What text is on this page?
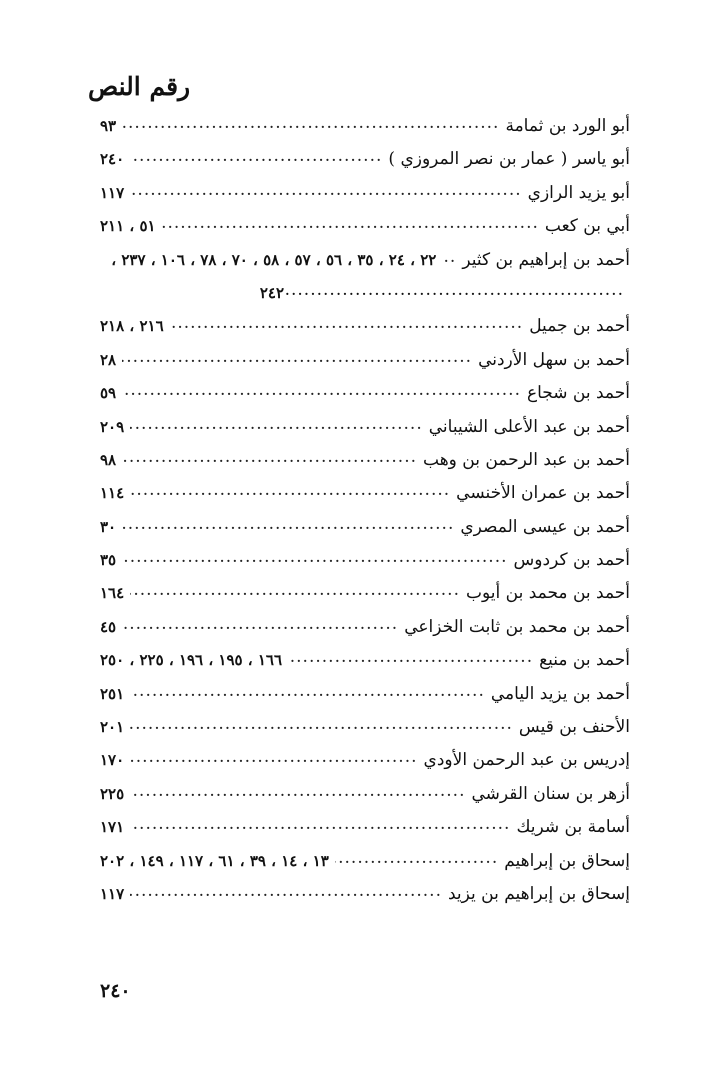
رقم النص
أبو الورد بن ثمامة
.....
٩٣
أبو ياسر ( عمار بن نصر المروزي )
.....
٢٤٠
أبو يزيد الرازي
.....
١١٧
أبي بن كعب
.....
٥١ ، ٢١١
أحمد بن إبراهيم بن كثير
.....
٢٢ ، ٢٤ ، ٣٥ ، ٥٦ ، ٥٧ ، ٥٨ ، ٧٠ ، ٧٨ ، ١٠٦ ، ٢٣٧ ،
.....
٢٤٢
أحمد بن جميل
.....
٢١٦ ، ٢١٨
أحمد بن سهل الأردني
.....
٢٨
أحمد بن شجاع
.....
٥٩
أحمد بن عبد الأعلى الشيباني
.....
٢٠٩
أحمد بن عبد الرحمن بن وهب
.....
٩٨
أحمد بن عمران الأخنسي
.....
١١٤
أحمد بن عيسى المصري
.....
٣٠
أحمد بن كردوس
.....
٣٥
أحمد بن محمد بن أيوب
.....
١٦٤
أحمد بن محمد بن ثابت الخزاعي
.....
٤٥
أحمد بن منيع
.....
١٦٦ ، ١٩٥ ، ١٩٦ ، ٢٢٥ ، ٢٥٠
أحمد بن يزيد اليامي
.....
٢٥١
الأحنف بن قيس
.....
٢٠١
إدريس بن عبد الرحمن الأودي
.....
١٧٠
أزهر بن سنان القرشي
.....
٢٢٥
أسامة بن شريك
.....
١٧١
إسحاق بن إبراهيم
.....
١٣ ، ١٤ ، ٣٩ ، ٦١ ، ١١٧ ، ١٤٩ ، ٢٠٢
إسحاق بن إبراهيم بن يزيد
.....
١١٧
٢٤٠
